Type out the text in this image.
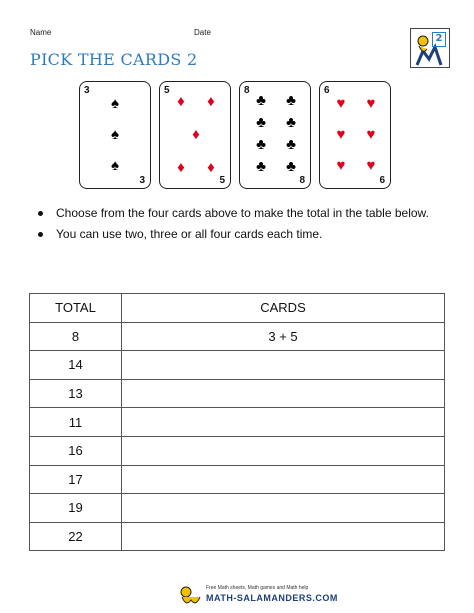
Name	Date
PICK THE CARDS 2
2
3
♠
♠
♠
3
5
♦ ♦
♦
♦ ♦
5
8
♣ ♣
♣ ♣
♣ ♣
♣ ♣
8
6
♥ ♥
♥ ♥
♥ ♥
6
Choose from the four cards above to make the total in the table below.
You can use two, three or all four cards each time.
TOTAL	CARDS
8	3 + 5
14	
13	
11	
16	
17	
19	
22	
Free Math sheets, Math games and Math help
MATH-SALAMANDERS.COM
